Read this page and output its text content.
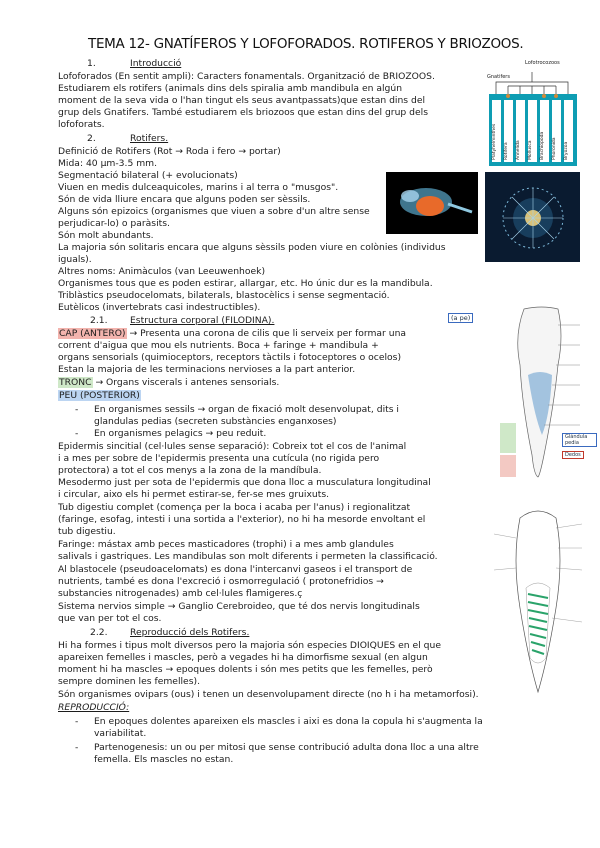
TEMA 12- GNATÍFEROS Y LOFOFORADOS. ROTIFEROS Y BRIOZOOS.
1.	Introducció
Lofoforados (En sentit ampli): Caracters fonamentals. Organització de BRIOZOOS.
Estudiarem els rotifers (animals dins dels spiralia amb mandibula en algún
moment de la seva vida o l'han tingut els seus avantpassats)que estan dins del
grup dels Gnatifers. També estudiarem els briozoos que estan dins del grup dels
lofoforats.
2.	Rotifers.
Definició de Rotifers (Rot → Roda i fero → portar)
Mida: 40 µm-3.5 mm.
Segmentació bilateral (+ evolucionats)
Viuen en medis dulceaquicoles, marins i al terra o "musgos".
Són de vida lliure encara que alguns poden ser sèssils.
Alguns són epizoics (organismes que viuen a sobre d'un altre sense
perjudicar-lo) o paràsits.
Són molt abundants.
La majoria són solitaris encara que alguns sèssils poden viure en colònies (individus
iguals).
Altres noms: Animàculos (van Leeuwenhoek)
Organismes tous que es poden estirar, allargar, etc. Ho únic dur es la mandibula.
Triblàstics pseudocelomats, bilaterals, blastocèlics i sense segmentació.
Eutèlicos (invertebrats casi indestructibles).
2.1. Estructura corporal (FILODINA).
CAP (ANTERO) → Presenta una corona de cilis que li serveix per formar una
corrent d'aigua que mou els nutrients. Boca + faringe + mandibula +
organs sensorials (quimioceptors, receptors tàctils i fotoceptores o ocelos)
Estan la majoria de les terminacions nervioses a la part anterior.
TRONC → Organs viscerals i antenes sensorials.
PEU (POSTERIOR)
- En organismes sessils → organ de fixació molt desenvolupat, dits i
glandulas pedias (secreten substàncies enganxoses)
- En organismes pelagics → peu reduit.
Epidermis sincitial (cel·lules sense separació): Cobreix tot el cos de l'animal
i a mes per sobre de l'epidermis presenta una cutícula (no rigida pero
protectora) a tot el cos menys a la zona de la mandíbula.
Mesodermo just per sota de l'epidermis que dona lloc a musculatura longitudinal
i circular, aixo els hi permet estirar-se, fer-se mes gruixuts.
Tub digestiu complet (comença per la boca i acaba per l'anus) i regionalitzat
(faringe, esofag, intesti i una sortida a l'exterior), no hi ha mesorde envoltant el
tub digestiu.
Faringe: mástax amb peces masticadores (trophi) i a mes amb glandules
salivals i gastriques. Les mandibulas son molt diferents i permeten la classificació.
Al blastocele (pseudoacelomats) es dona l'intercanvi gaseos i el transport de
nutrients, també es dona l'excreció i osmorregulació ( protonefridios →
substancies nitrogenades) amb cel·lules flamigeres.ç
Sistema nervios simple → Ganglio Cerebroideo, que té dos nervis longitudinals
que van per tot el cos.
2.2. Reproducció dels Rotifers.
Hi ha formes i tipus molt diversos pero la majoria són especies DIOIQUES en el que
apareixen femelles i mascles, però a vegades hi ha dimorfisme sexual (en algun
moment hi ha mascles → epoques dolents i són mes petits que les femelles, però
sempre dominen les femelles).
Són organismes ovipars (ous) i tenen un desenvolupament directe (no h i ha metamorfosi).
REPRODUCCIÓ:
- En epoques dolentes apareixen els mascles i aixi es dona la copula hi s'augmenta la
variabilitat.
- Partenogenesis: un ou per mitosi que sense contribució adulta dona lloc a una altre
femella. Els mascles no estan.
Lofotrocozoos
Gnatifers
Platyhelminthes Rotifera Annelida Mollusca Brachiopoda Phoronida Bryozoa
(a pe)
Glándula pedia
Dedos
